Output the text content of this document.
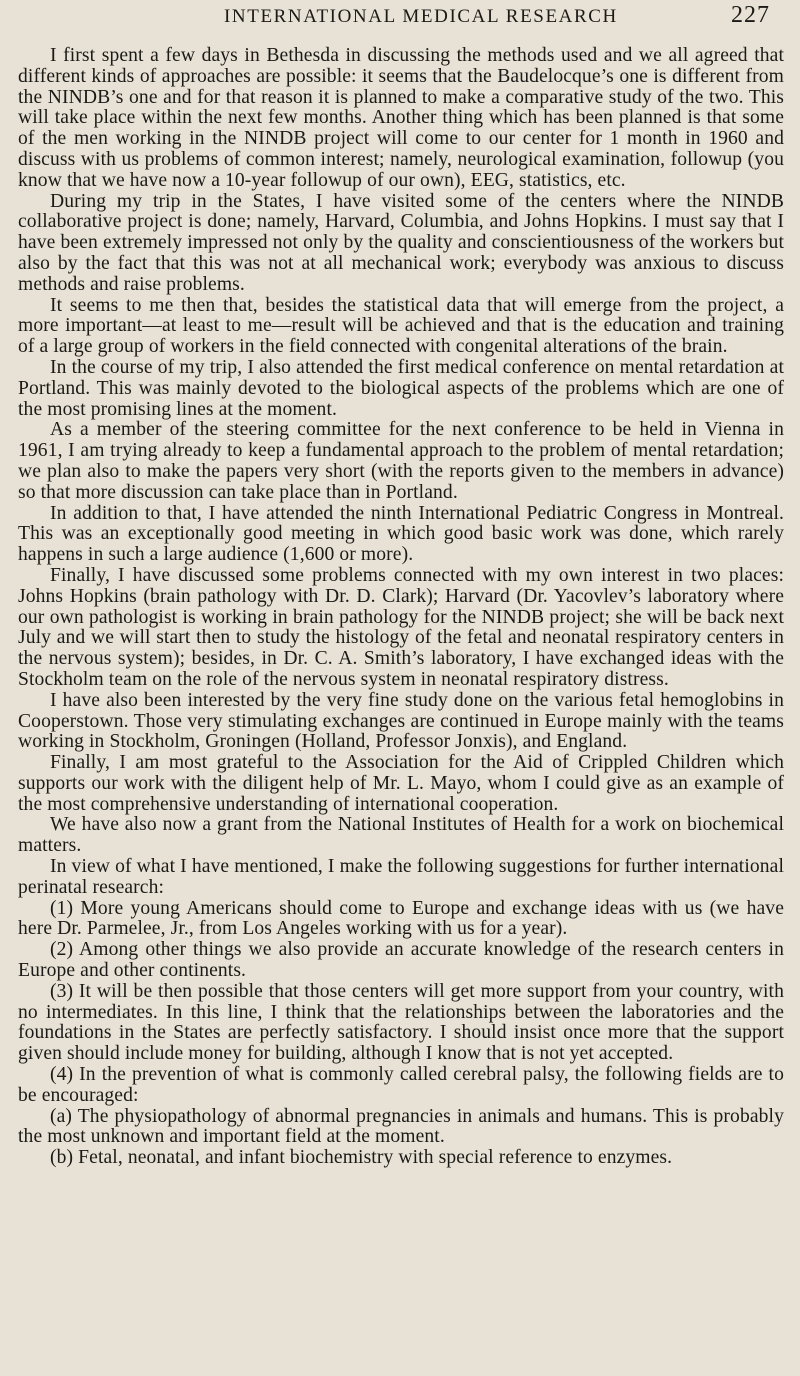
INTERNATIONAL MEDICAL RESEARCH	227

I first spent a few days in Bethesda in discussing the methods used and we all agreed that different kinds of approaches are possible: it seems that the Baudelocque’s one is different from the NINDB’s one and for that reason it is planned to make a comparative study of the two. This will take place within the next few months. Another thing which has been planned is that some of the men working in the NINDB project will come to our center for 1 month in 1960 and discuss with us problems of common interest; namely, neurological examination, followup (you know that we have now a 10-year followup of our own), EEG, statistics, etc.

During my trip in the States, I have visited some of the centers where the NINDB collaborative project is done; namely, Harvard, Columbia, and Johns Hopkins. I must say that I have been extremely impressed not only by the quality and conscientiousness of the workers but also by the fact that this was not at all mechanical work; everybody was anxious to discuss methods and raise problems.

It seems to me then that, besides the statistical data that will emerge from the project, a more important—at least to me—result will be achieved and that is the education and training of a large group of workers in the field connected with congenital alterations of the brain.

In the course of my trip, I also attended the first medical conference on mental retardation at Portland. This was mainly devoted to the biological aspects of the problems which are one of the most promising lines at the moment.

As a member of the steering committee for the next conference to be held in Vienna in 1961, I am trying already to keep a fundamental approach to the problem of mental retardation; we plan also to make the papers very short (with the reports given to the members in advance) so that more discussion can take place than in Portland.

In addition to that, I have attended the ninth International Pediatric Congress in Montreal. This was an exceptionally good meeting in which good basic work was done, which rarely happens in such a large audience (1,600 or more).

Finally, I have discussed some problems connected with my own interest in two places: Johns Hopkins (brain pathology with Dr. D. Clark); Harvard (Dr. Yacovlev’s laboratory where our own pathologist is working in brain pathology for the NINDB project; she will be back next July and we will start then to study the histology of the fetal and neonatal respiratory centers in the nervous system); besides, in Dr. C. A. Smith’s laboratory, I have exchanged ideas with the Stockholm team on the role of the nervous system in neonatal respiratory distress.

I have also been interested by the very fine study done on the various fetal hemoglobins in Cooperstown. Those very stimulating exchanges are continued in Europe mainly with the teams working in Stockholm, Groningen (Holland, Professor Jonxis), and England.

Finally, I am most grateful to the Association for the Aid of Crippled Children which supports our work with the diligent help of Mr. L. Mayo, whom I could give as an example of the most comprehensive understanding of international cooperation.

We have also now a grant from the National Institutes of Health for a work on biochemical matters.

In view of what I have mentioned, I make the following suggestions for further international perinatal research:

(1) More young Americans should come to Europe and exchange ideas with us (we have here Dr. Parmelee, Jr., from Los Angeles working with us for a year).

(2) Among other things we also provide an accurate knowledge of the research centers in Europe and other continents.

(3) It will be then possible that those centers will get more support from your country, with no intermediates. In this line, I think that the relationships between the laboratories and the foundations in the States are perfectly satisfactory. I should insist once more that the support given should include money for building, although I know that is not yet accepted.

(4) In the prevention of what is commonly called cerebral palsy, the following fields are to be encouraged:

(a) The physiopathology of abnormal pregnancies in animals and humans. This is probably the most unknown and important field at the moment.

(b) Fetal, neonatal, and infant biochemistry with special reference to enzymes.
